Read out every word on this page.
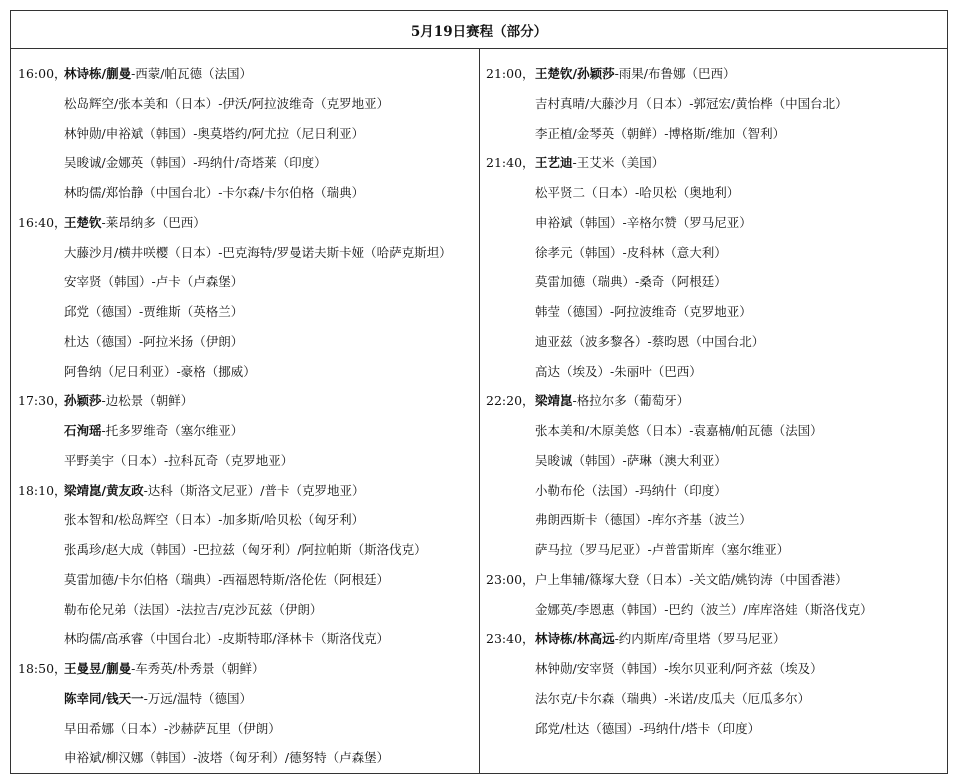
5月19日赛程（部分）
16:00，
林诗栋/蒯曼-西蒙/帕瓦德（法国）
松岛辉空/张本美和（日本）-伊沃/阿拉波维奇（克罗地亚）
林钟勋/申裕斌（韩国）-奥莫塔约/阿尤拉（尼日利亚）
吴晙诚/金娜英（韩国）-玛纳什/奇塔莱（印度）
林昀儒/郑怡静（中国台北）-卡尔森/卡尔伯格（瑞典）
16:40，
王楚钦-莱昂纳多（巴西）
大藤沙月/横井咲樱（日本）-巴克海特/罗曼诺夫斯卡娅（哈萨克斯坦）
安宰贤（韩国）-卢卡（卢森堡）
邱党（德国）-贾维斯（英格兰）
杜达（德国）-阿拉米扬（伊朗）
阿鲁纳（尼日利亚）-豪格（挪威）
17:30，
孙颖莎-边松景（朝鲜）
石洵瑶-托多罗维奇（塞尔维亚）
平野美宇（日本）-拉科瓦奇（克罗地亚）
18:10，
梁靖崑/黄友政-达科（斯洛文尼亚）/普卡（克罗地亚）
张本智和/松岛辉空（日本）-加多斯/哈贝松（匈牙利）
张禹珍/赵大成（韩国）-巴拉兹（匈牙利）/阿拉帕斯（斯洛伐克）
莫雷加德/卡尔伯格（瑞典）-西福恩特斯/洛伦佐（阿根廷）
勒布伦兄弟（法国）-法拉吉/克沙瓦兹（伊朗）
林昀儒/高承睿（中国台北）-皮斯特耶/泽林卡（斯洛伐克）
18:50，
王曼昱/蒯曼-车秀英/朴秀景（朝鲜）
陈幸同/钱天一-万远/温特（德国）
早田希娜（日本）-沙赫萨瓦里（伊朗）
申裕斌/柳汉娜（韩国）-波塔（匈牙利）/德努特（卢森堡）
21:00， 王楚钦/孙颖莎-雨果/布鲁娜（巴西）
吉村真晴/大藤沙月（日本）-郭冠宏/黄怡桦（中国台北）
李正植/金琴英（朝鲜）-博格斯/维加（智利）
21:40， 王艺迪-王艾米（美国）
松平贤二（日本）-哈贝松（奥地利）
申裕斌（韩国）-辛格尔赞（罗马尼亚）
徐孝元（韩国）-皮科林（意大利）
莫雷加德（瑞典）-桑奇（阿根廷）
韩莹（德国）-阿拉波维奇（克罗地亚）
迪亚兹（波多黎各）-蔡昀恩（中国台北）
高达（埃及）-朱丽叶（巴西）
22:20， 梁靖崑-格拉尔多（葡萄牙）
张本美和/木原美悠（日本）-袁嘉楠/帕瓦德（法国）
吴晙诚（韩国）-萨琳（澳大利亚）
小勒布伦（法国）-玛纳什（印度）
弗朗西斯卡（德国）-库尔齐基（波兰）
萨马拉（罗马尼亚）-卢普雷斯库（塞尔维亚）
23:00， 户上隼辅/篠塚大登（日本）-关文皓/姚钧涛（中国香港）
金娜英/李恩惠（韩国）-巴约（波兰）/库库洛娃（斯洛伐克）
23:40， 林诗栋/林高远-约内斯库/奇里塔（罗马尼亚）
林钟勋/安宰贤（韩国）-埃尔贝亚利/阿齐兹（埃及）
法尔克/卡尔森（瑞典）-米诺/皮瓜夫（厄瓜多尔）
邱党/杜达（德国）-玛纳什/塔卡（印度）
